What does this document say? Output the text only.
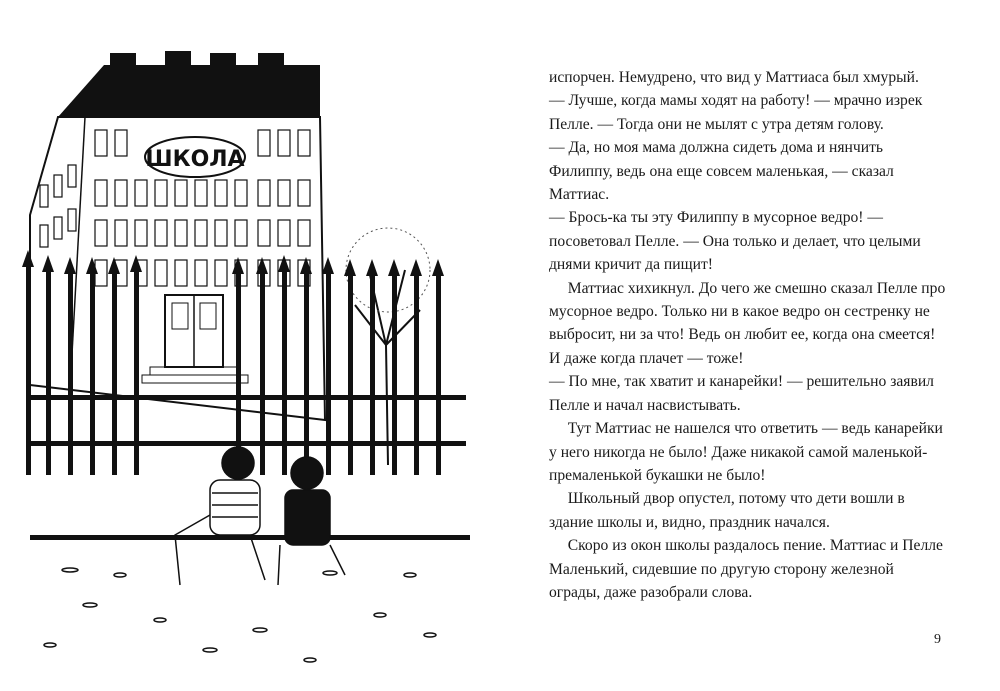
ШКОЛА

испорчен. Немудрено, что вид у Маттиаса был хмурый.

— Лучше, когда мамы ходят на работу! — мрачно изрек Пелле. — Тогда они не мылят с утра детям голову.

— Да, но моя мама должна сидеть дома и нянчить Филиппу, ведь она еще совсем маленькая, — сказал Маттиас.

— Брось-ка ты эту Филиппу в мусорное ведро! — посоветовал Пелле. — Она только и делает, что целыми днями кричит да пищит!

Маттиас хихикнул. До чего же смешно сказал Пелле про мусорное ведро. Только ни в какое ведро он сестренку не выбросит, ни за что! Ведь он любит ее, когда она смеется! И даже когда плачет — тоже!

— По мне, так хватит и канарейки! — решительно заявил Пелле и начал насвистывать.

Тут Маттиас не нашелся что ответить — ведь канарейки у него никогда не было! Даже никакой самой маленькой-премаленькой букашки не было!

Школьный двор опустел, потому что дети вошли в здание школы и, видно, праздник начался.

Скоро из окон школы раздалось пение. Маттиас и Пелле Маленький, сидевшие по другую сторону железной ограды, даже разобрали слова.

9
